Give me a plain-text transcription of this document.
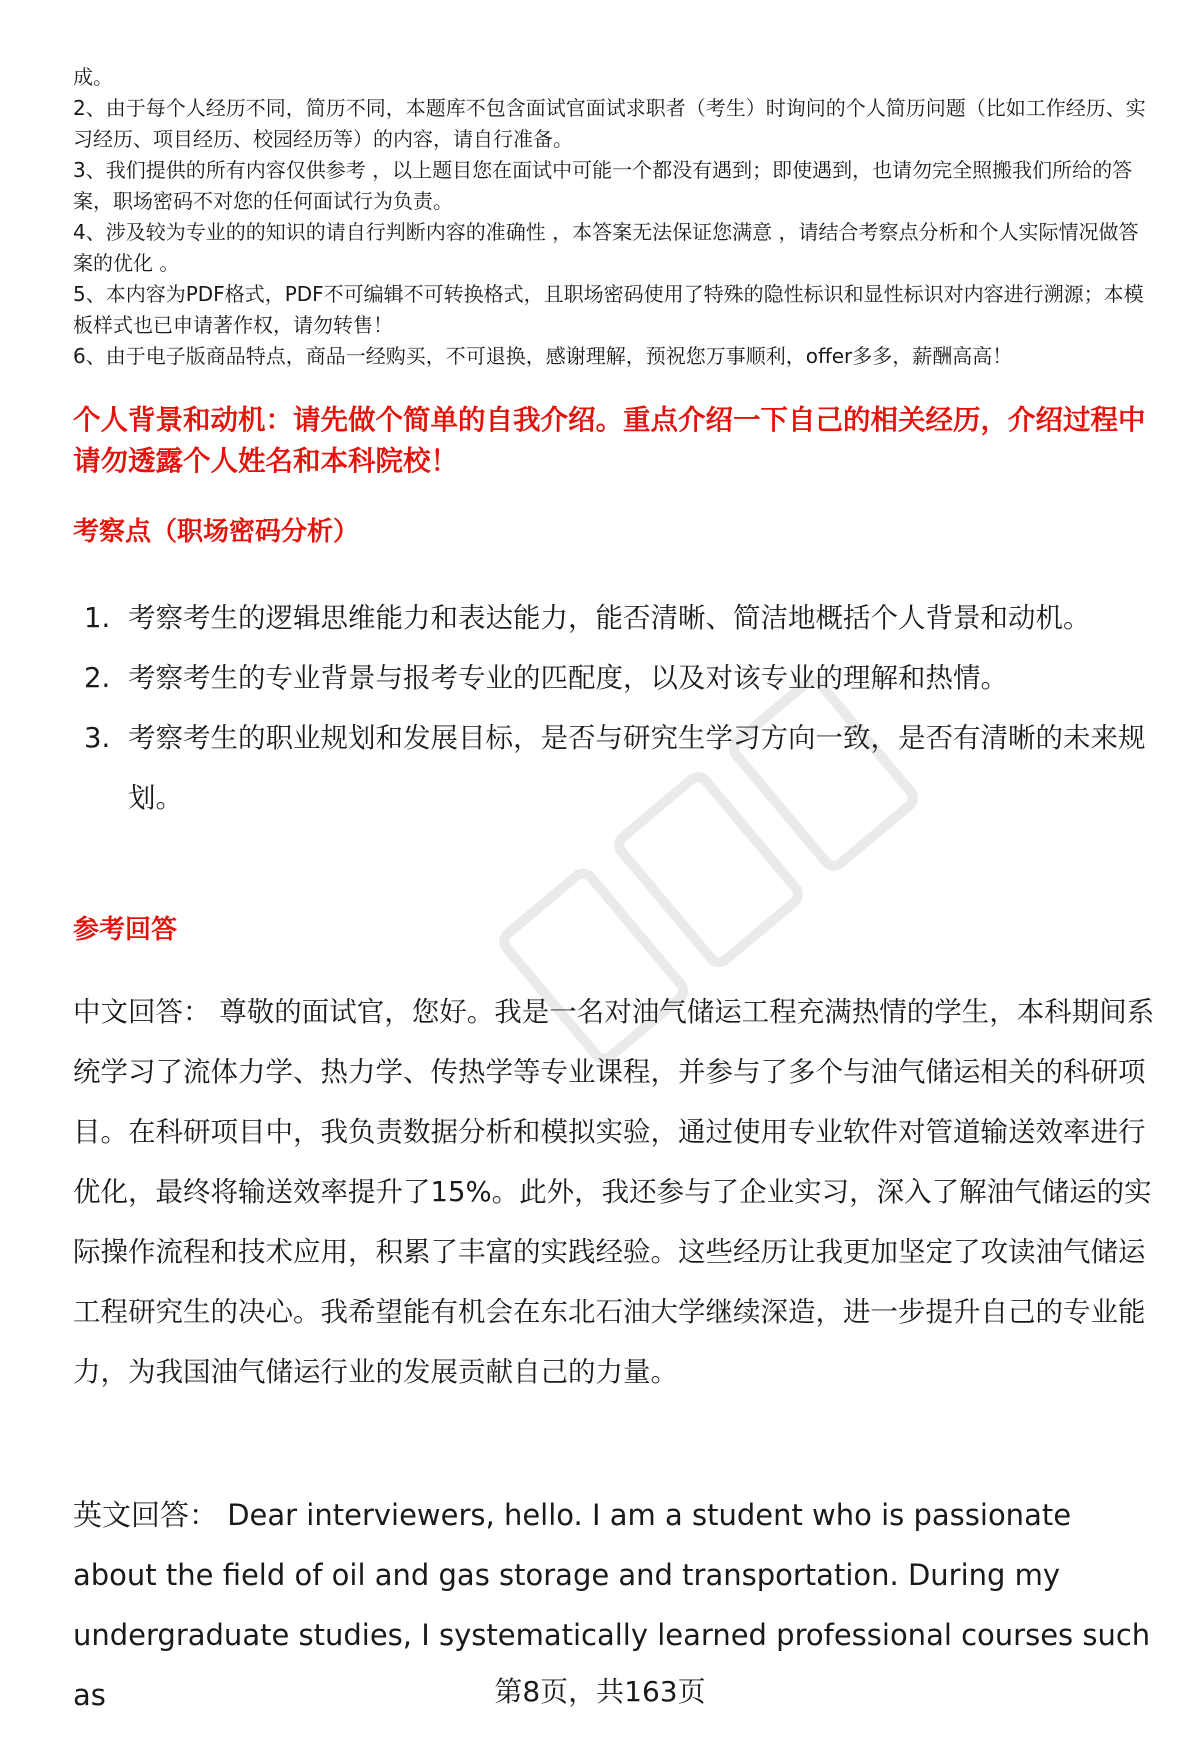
成。

2、由于每个人经历不同，简历不同，本题库不包含面试官面试求职者（考生）时询问的个人简历问题（比如工作经历、实习经历、项目经历、校园经历等）的内容，请自行准备。

3、我们提供的所有内容仅供参考 ，以上题目您在面试中可能一个都没有遇到；即使遇到，也请勿完全照搬我们所给的答案，职场密码不对您的任何面试行为负责。

4、涉及较为专业的的知识的请自行判断内容的准确性 ，本答案无法保证您满意 ，请结合考察点分析和个人实际情况做答案的优化 。

5、本内容为PDF格式，PDF不可编辑不可转换格式，且职场密码使用了特殊的隐性标识和显性标识对内容进行溯源；本模板样式也已申请著作权，请勿转售！

6、由于电子版商品特点，商品一经购买，不可退换，感谢理解，预祝您万事顺利，offer多多，薪酬高高！

个人背景和动机：请先做个简单的自我介绍。重点介绍一下自己的相关经历，介绍过程中请勿透露个人姓名和本科院校！
考察点（职场密码分析）
1. 考察考生的逻辑思维能力和表达能力，能否清晰、简洁地概括个人背景和动机。
2. 考察考生的专业背景与报考专业的匹配度，以及对该专业的理解和热情。
3. 考察考生的职业规划和发展目标，是否与研究生学习方向一致，是否有清晰的未来规划。
参考回答

中文回答： 尊敬的面试官，您好。我是一名对油气储运工程充满热情的学生，本科期间系统学习了流体力学、热力学、传热学等专业课程，并参与了多个与油气储运相关的科研项目。在科研项目中，我负责数据分析和模拟实验，通过使用专业软件对管道输送效率进行优化，最终将输送效率提升了15%。此外，我还参与了企业实习，深入了解油气储运的实际操作流程和技术应用，积累了丰富的实践经验。这些经历让我更加坚定了攻读油气储运工程研究生的决心。我希望能有机会在东北石油大学继续深造，进一步提升自己的专业能力，为我国油气储运行业的发展贡献自己的力量。

英文回答： Dear interviewers, hello. I am a student who is passionate about the field of oil and gas storage and transportation. During my undergraduate studies, I systematically learned professional courses such as	第8页，共163页
